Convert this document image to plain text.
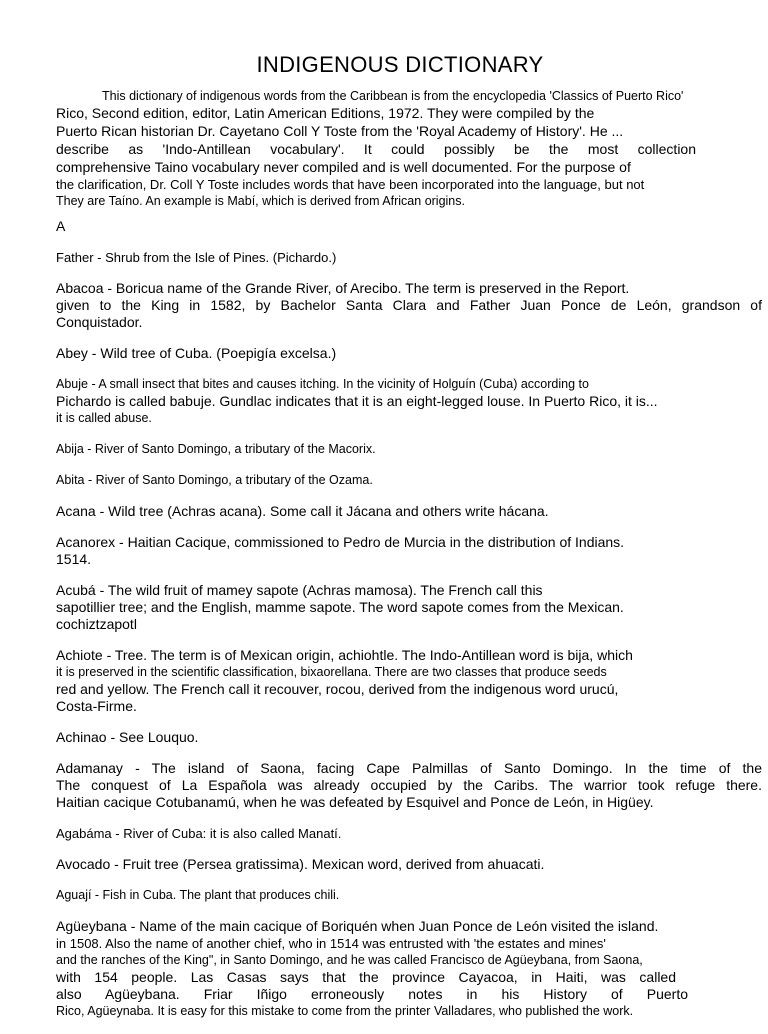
INDIGENOUS DICTIONARY
This dictionary of indigenous words from the Caribbean is from the encyclopedia 'Classics of Puerto Rico'
Rico, Second edition, editor, Latin American Editions, 1972. They were compiled by the
Puerto Rican historian Dr. Cayetano Coll Y Toste from the 'Royal Academy of History'. He ...
describe as 'Indo-Antillean vocabulary'. It could possibly be the most collection
comprehensive Taino vocabulary never compiled and is well documented. For the purpose of
the clarification, Dr. Coll Y Toste includes words that have been incorporated into the language, but not
They are Taíno. An example is Mabí, which is derived from African origins.
A
Father - Shrub from the Isle of Pines. (Pichardo.)
Abacoa - Boricua name of the Grande River, of Arecibo. The term is preserved in the Report.
given to the King in 1582, by Bachelor Santa Clara and Father Juan Ponce de León, grandson of
Conquistador.
Abey - Wild tree of Cuba. (Poepigía excelsa.)
Abuje - A small insect that bites and causes itching. In the vicinity of Holguín (Cuba) according to
Pichardo is called babuje. Gundlac indicates that it is an eight-legged louse. In Puerto Rico, it is...
it is called abuse.
Abija - River of Santo Domingo, a tributary of the Macorix.
Abita - River of Santo Domingo, a tributary of the Ozama.
Acana - Wild tree (Achras acana). Some call it Jácana and others write hácana.
Acanorex - Haitian Cacique, commissioned to Pedro de Murcia in the distribution of Indians.
1514.
Acubá - The wild fruit of mamey sapote (Achras mamosa). The French call this
sapotillier tree; and the English, mamme sapote. The word sapote comes from the Mexican.
cochiztzapotl
Achiote - Tree. The term is of Mexican origin, achiohtle. The Indo-Antillean word is bija, which
it is preserved in the scientific classification, bixaorellana. There are two classes that produce seeds
red and yellow. The French call it recouver, rocou, derived from the indigenous word urucú,
Costa-Firme.
Achinao - See Louquo.
Adamanay - The island of Saona, facing Cape Palmillas of Santo Domingo. In the time of the
The conquest of La Española was already occupied by the Caribs. The warrior took refuge there.
Haitian cacique Cotubanamú, when he was defeated by Esquivel and Ponce de León, in Higüey.
Agabáma - River of Cuba: it is also called Manatí.
Avocado - Fruit tree (Persea gratissima). Mexican word, derived from ahuacati.
Aguají - Fish in Cuba. The plant that produces chili.
Agüeybana - Name of the main cacique of Boriquén when Juan Ponce de León visited the island.
in 1508. Also the name of another chief, who in 1514 was entrusted with 'the estates and mines'
and the ranches of the King", in Santo Domingo, and he was called Francisco de Agüeybana, from Saona,
with 154 people. Las Casas says that the province Cayacoa, in Haiti, was called
also Agüeybana. Friar Iñigo erroneously notes in his History of Puerto
Rico, Agüeynaba. It is easy for this mistake to come from the printer Valladares, who published the work.
